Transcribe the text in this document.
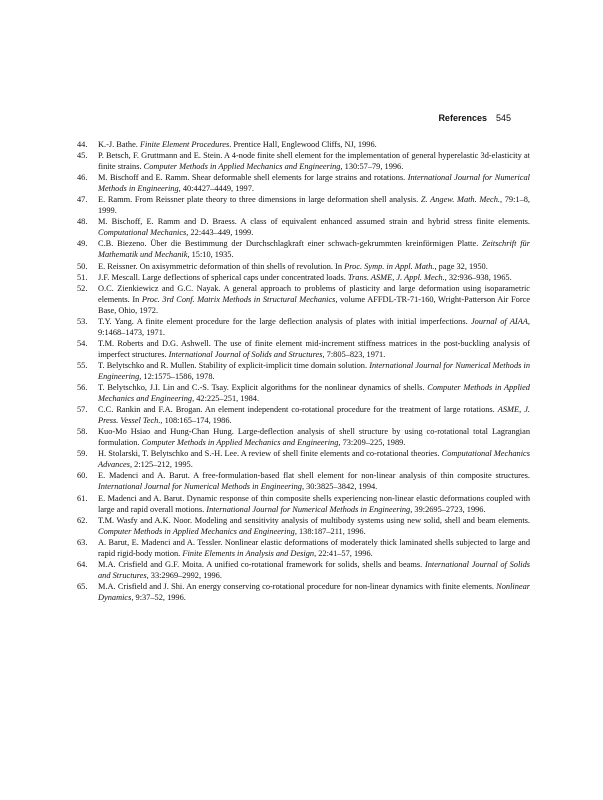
References 545
44. K.-J. Bathe. Finite Element Procedures. Prentice Hall, Englewood Cliffs, NJ, 1996.
45. P. Betsch, F. Gruttmann and E. Stein. A 4-node finite shell element for the implementation of general hyperelastic 3d-elasticity at finite strains. Computer Methods in Applied Mechanics and Engineering, 130:57–79, 1996.
46. M. Bischoff and E. Ramm. Shear deformable shell elements for large strains and rotations. International Journal for Numerical Methods in Engineering, 40:4427–4449, 1997.
47. E. Ramm. From Reissner plate theory to three dimensions in large deformation shell analysis. Z. Angew. Math. Mech., 79:1–8, 1999.
48. M. Bischoff, E. Ramm and D. Braess. A class of equivalent enhanced assumed strain and hybrid stress finite elements. Computational Mechanics, 22:443–449, 1999.
49. C.B. Biezeno. Über die Bestimmung der Durchschlagkraft einer schwach-gekrummten kreinförmigen Platte. Zeitschrift für Mathematik und Mechanik, 15:10, 1935.
50. E. Reissner. On axisymmetric deformation of thin shells of revolution. In Proc. Symp. in Appl. Math., page 32, 1950.
51. J.F. Mescall. Large deflections of spherical caps under concentrated loads. Trans. ASME, J. Appl. Mech., 32:936–938, 1965.
52. O.C. Zienkiewicz and G.C. Nayak. A general approach to problems of plasticity and large deformation using isoparametric elements. In Proc. 3rd Conf. Matrix Methods in Structural Mechanics, volume AFFDL-TR-71-160, Wright-Patterson Air Force Base, Ohio, 1972.
53. T.Y. Yang. A finite element procedure for the large deflection analysis of plates with initial imperfections. Journal of AIAA, 9:1468–1473, 1971.
54. T.M. Roberts and D.G. Ashwell. The use of finite element mid-increment stiffness matrices in the post-buckling analysis of imperfect structures. International Journal of Solids and Structures, 7:805–823, 1971.
55. T. Belytschko and R. Mullen. Stability of explicit-implicit time domain solution. International Journal for Numerical Methods in Engineering, 12:1575–1586, 1978.
56. T. Belytschko, J.I. Lin and C.-S. Tsay. Explicit algorithms for the nonlinear dynamics of shells. Computer Methods in Applied Mechanics and Engineering, 42:225–251, 1984.
57. C.C. Rankin and F.A. Brogan. An element independent co-rotational procedure for the treatment of large rotations. ASME, J. Press. Vessel Tech., 108:165–174, 1986.
58. Kuo-Mo Hsiao and Hung-Chan Hung. Large-deflection analysis of shell structure by using co-rotational total Lagrangian formulation. Computer Methods in Applied Mechanics and Engineering, 73:209–225, 1989.
59. H. Stolarski, T. Belytschko and S.-H. Lee. A review of shell finite elements and co-rotational theories. Computational Mechanics Advances, 2:125–212, 1995.
60. E. Madenci and A. Barut. A free-formulation-based flat shell element for non-linear analysis of thin composite structures. International Journal for Numerical Methods in Engineering, 30:3825–3842, 1994.
61. E. Madenci and A. Barut. Dynamic response of thin composite shells experiencing non-linear elastic deformations coupled with large and rapid overall motions. International Journal for Numerical Methods in Engineering, 39:2695–2723, 1996.
62. T.M. Wasfy and A.K. Noor. Modeling and sensitivity analysis of multibody systems using new solid, shell and beam elements. Computer Methods in Applied Mechanics and Engineering, 138:187–211, 1996.
63. A. Barut, E. Madenci and A. Tessler. Nonlinear elastic deformations of moderately thick laminated shells subjected to large and rapid rigid-body motion. Finite Elements in Analysis and Design, 22:41–57, 1996.
64. M.A. Crisfield and G.F. Moita. A unified co-rotational framework for solids, shells and beams. International Journal of Solids and Structures, 33:2969–2992, 1996.
65. M.A. Crisfield and J. Shi. An energy conserving co-rotational procedure for non-linear dynamics with finite elements. Nonlinear Dynamics, 9:37–52, 1996.
